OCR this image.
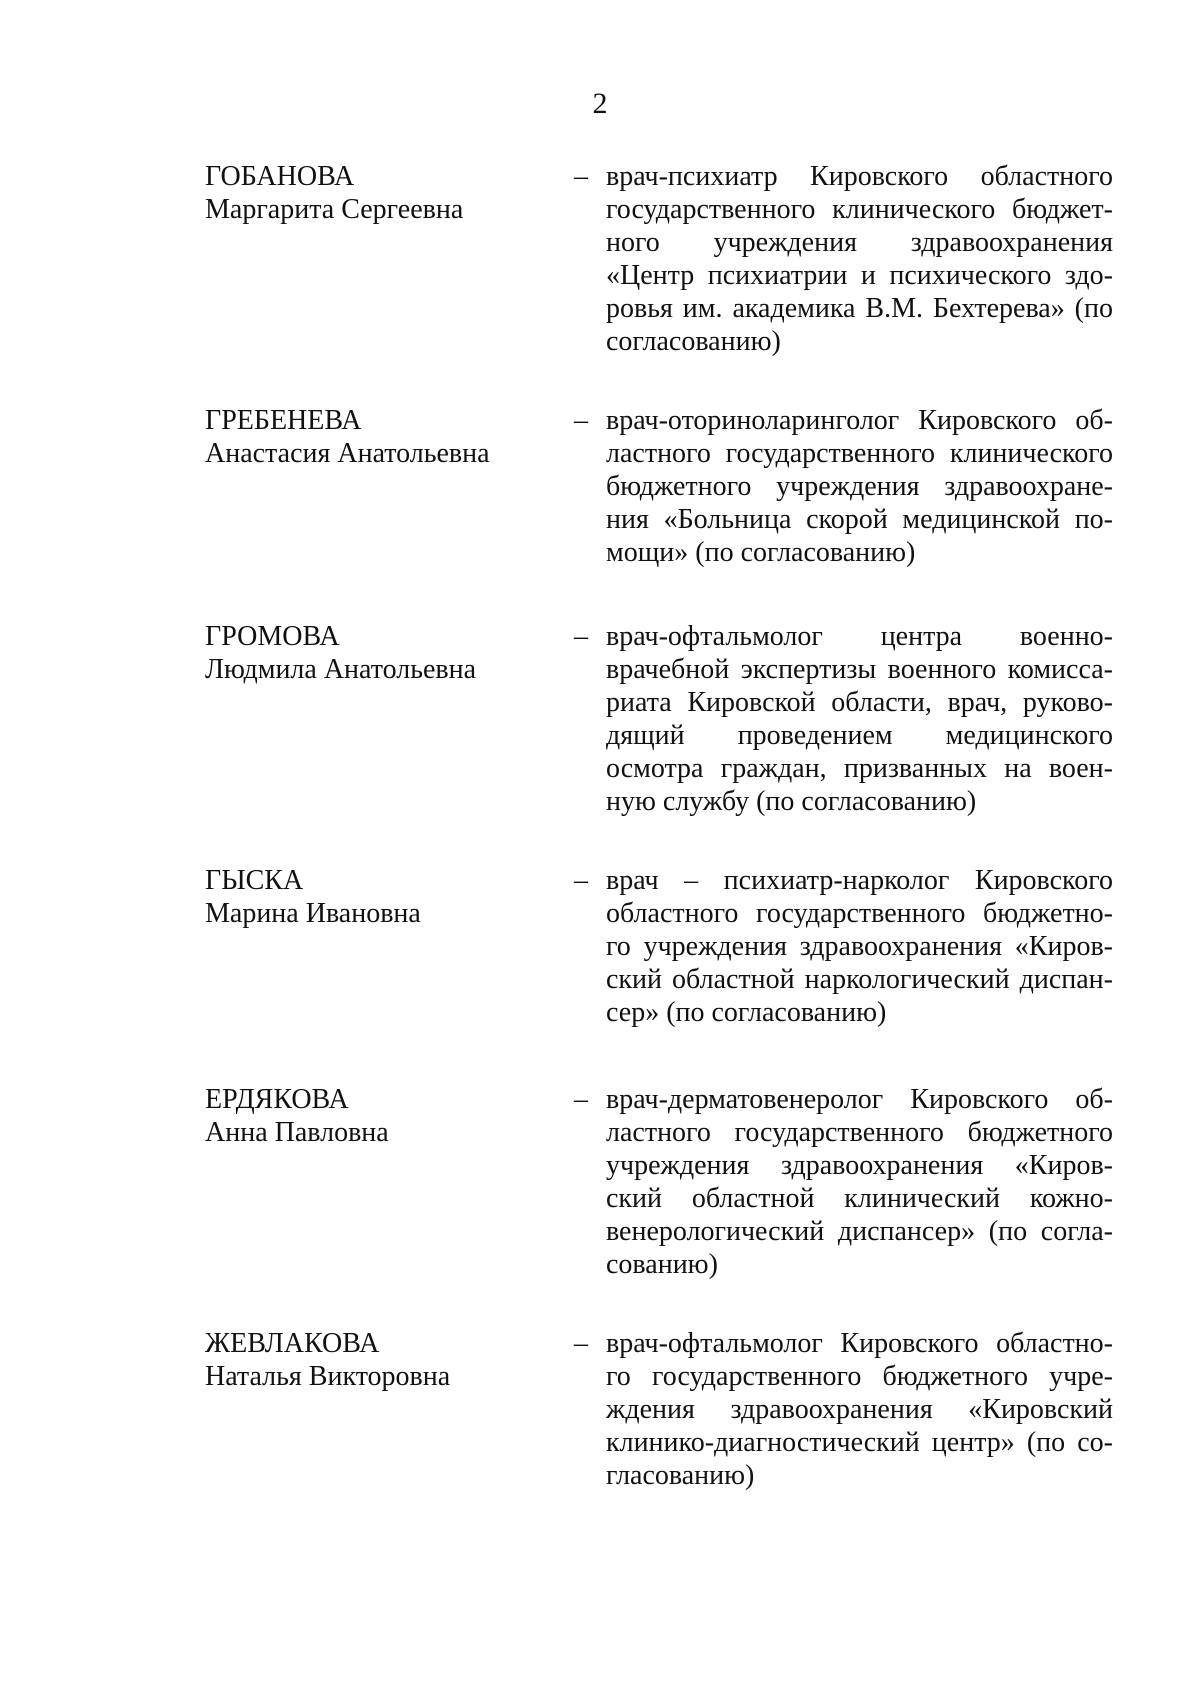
2
ГОБАНОВА
Маргарита Сергеевна
– врач-психиатр Кировского областного
государственного клинического бюджет-
ного учреждения здравоохранения
«Центр психиатрии и психического здо-
ровья им. академика В.М. Бехтерева» (по
согласованию)
ГРЕБЕНЕВА
Анастасия Анатольевна
– врач-оториноларинголог Кировского об-
ластного государственного клинического
бюджетного учреждения здравоохране-
ния «Больница скорой медицинской по-
мощи» (по согласованию)
ГРОМОВА
Людмила Анатольевна
– врач-офтальмолог центра военно-
врачебной экспертизы военного комисса-
риата Кировской области, врач, руково-
дящий проведением медицинского
осмотра граждан, призванных на воен-
ную службу (по согласованию)
ГЫСКА
Марина Ивановна
– врач – психиатр-нарколог Кировского
областного государственного бюджетно-
го учреждения здравоохранения «Киров-
ский областной наркологический диспан-
сер» (по согласованию)
ЕРДЯКОВА
Анна Павловна
– врач-дерматовенеролог Кировского об-
ластного государственного бюджетного
учреждения здравоохранения «Киров-
ский областной клинический кожно-
венерологический диспансер» (по согла-
сованию)
ЖЕВЛАКОВА
Наталья Викторовна
– врач-офтальмолог Кировского областно-
го государственного бюджетного учре-
ждения здравоохранения «Кировский
клинико-диагностический центр» (по со-
гласованию)
